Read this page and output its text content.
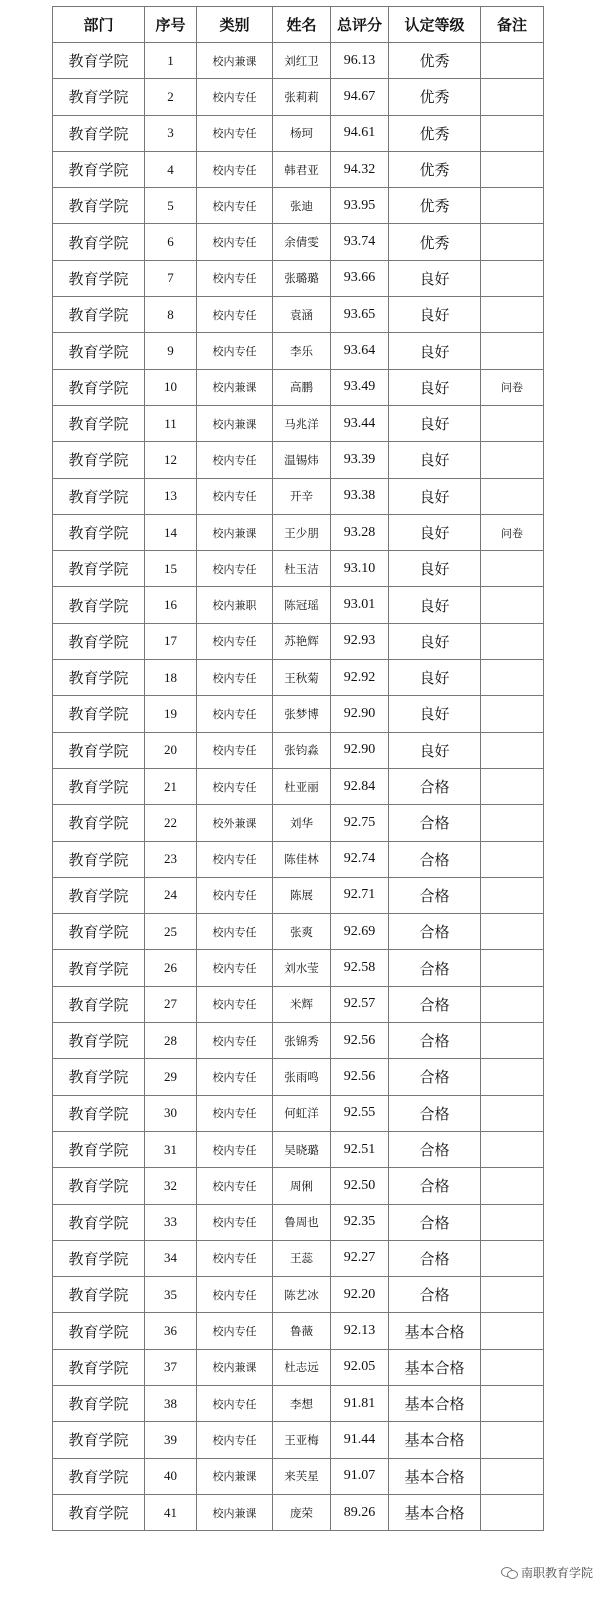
部门	序号	类别	姓名	总评分	认定等级	备注
教育学院	1	校内兼课	刘红卫	96.13	优秀	
教育学院	2	校内专任	张莉莉	94.67	优秀	
教育学院	3	校内专任	杨珂	94.61	优秀	
教育学院	4	校内专任	韩君亚	94.32	优秀	
教育学院	5	校内专任	张迪	93.95	优秀	
教育学院	6	校内专任	余倩雯	93.74	优秀	
教育学院	7	校内专任	张璐璐	93.66	良好	
教育学院	8	校内专任	袁涵	93.65	良好	
教育学院	9	校内专任	李乐	93.64	良好	
教育学院	10	校内兼课	高鹏	93.49	良好	问卷
教育学院	11	校内兼课	马兆洋	93.44	良好	
教育学院	12	校内专任	温锡炜	93.39	良好	
教育学院	13	校内专任	开辛	93.38	良好	
教育学院	14	校内兼课	王少朋	93.28	良好	问卷
教育学院	15	校内专任	杜玉洁	93.10	良好	
教育学院	16	校内兼职	陈冠瑶	93.01	良好	
教育学院	17	校内专任	苏艳辉	92.93	良好	
教育学院	18	校内专任	王秋菊	92.92	良好	
教育学院	19	校内专任	张梦博	92.90	良好	
教育学院	20	校内专任	张钧淼	92.90	良好	
教育学院	21	校内专任	杜亚丽	92.84	合格	
教育学院	22	校外兼课	刘华	92.75	合格	
教育学院	23	校内专任	陈佳林	92.74	合格	
教育学院	24	校内专任	陈展	92.71	合格	
教育学院	25	校内专任	张爽	92.69	合格	
教育学院	26	校内专任	刘水莹	92.58	合格	
教育学院	27	校内专任	米辉	92.57	合格	
教育学院	28	校内专任	张锦秀	92.56	合格	
教育学院	29	校内专任	张雨鸣	92.56	合格	
教育学院	30	校内专任	何虹洋	92.55	合格	
教育学院	31	校内专任	吴晓璐	92.51	合格	
教育学院	32	校内专任	周俐	92.50	合格	
教育学院	33	校内专任	鲁周也	92.35	合格	
教育学院	34	校内专任	王蕊	92.27	合格	
教育学院	35	校内专任	陈艺冰	92.20	合格	
教育学院	36	校内专任	鲁薇	92.13	基本合格	
教育学院	37	校内兼课	杜志远	92.05	基本合格	
教育学院	38	校内专任	李想	91.81	基本合格	
教育学院	39	校内专任	王亚梅	91.44	基本合格	
教育学院	40	校内兼课	来芙星	91.07	基本合格	
教育学院	41	校内兼课	庞荣	89.26	基本合格	
南职教育学院
